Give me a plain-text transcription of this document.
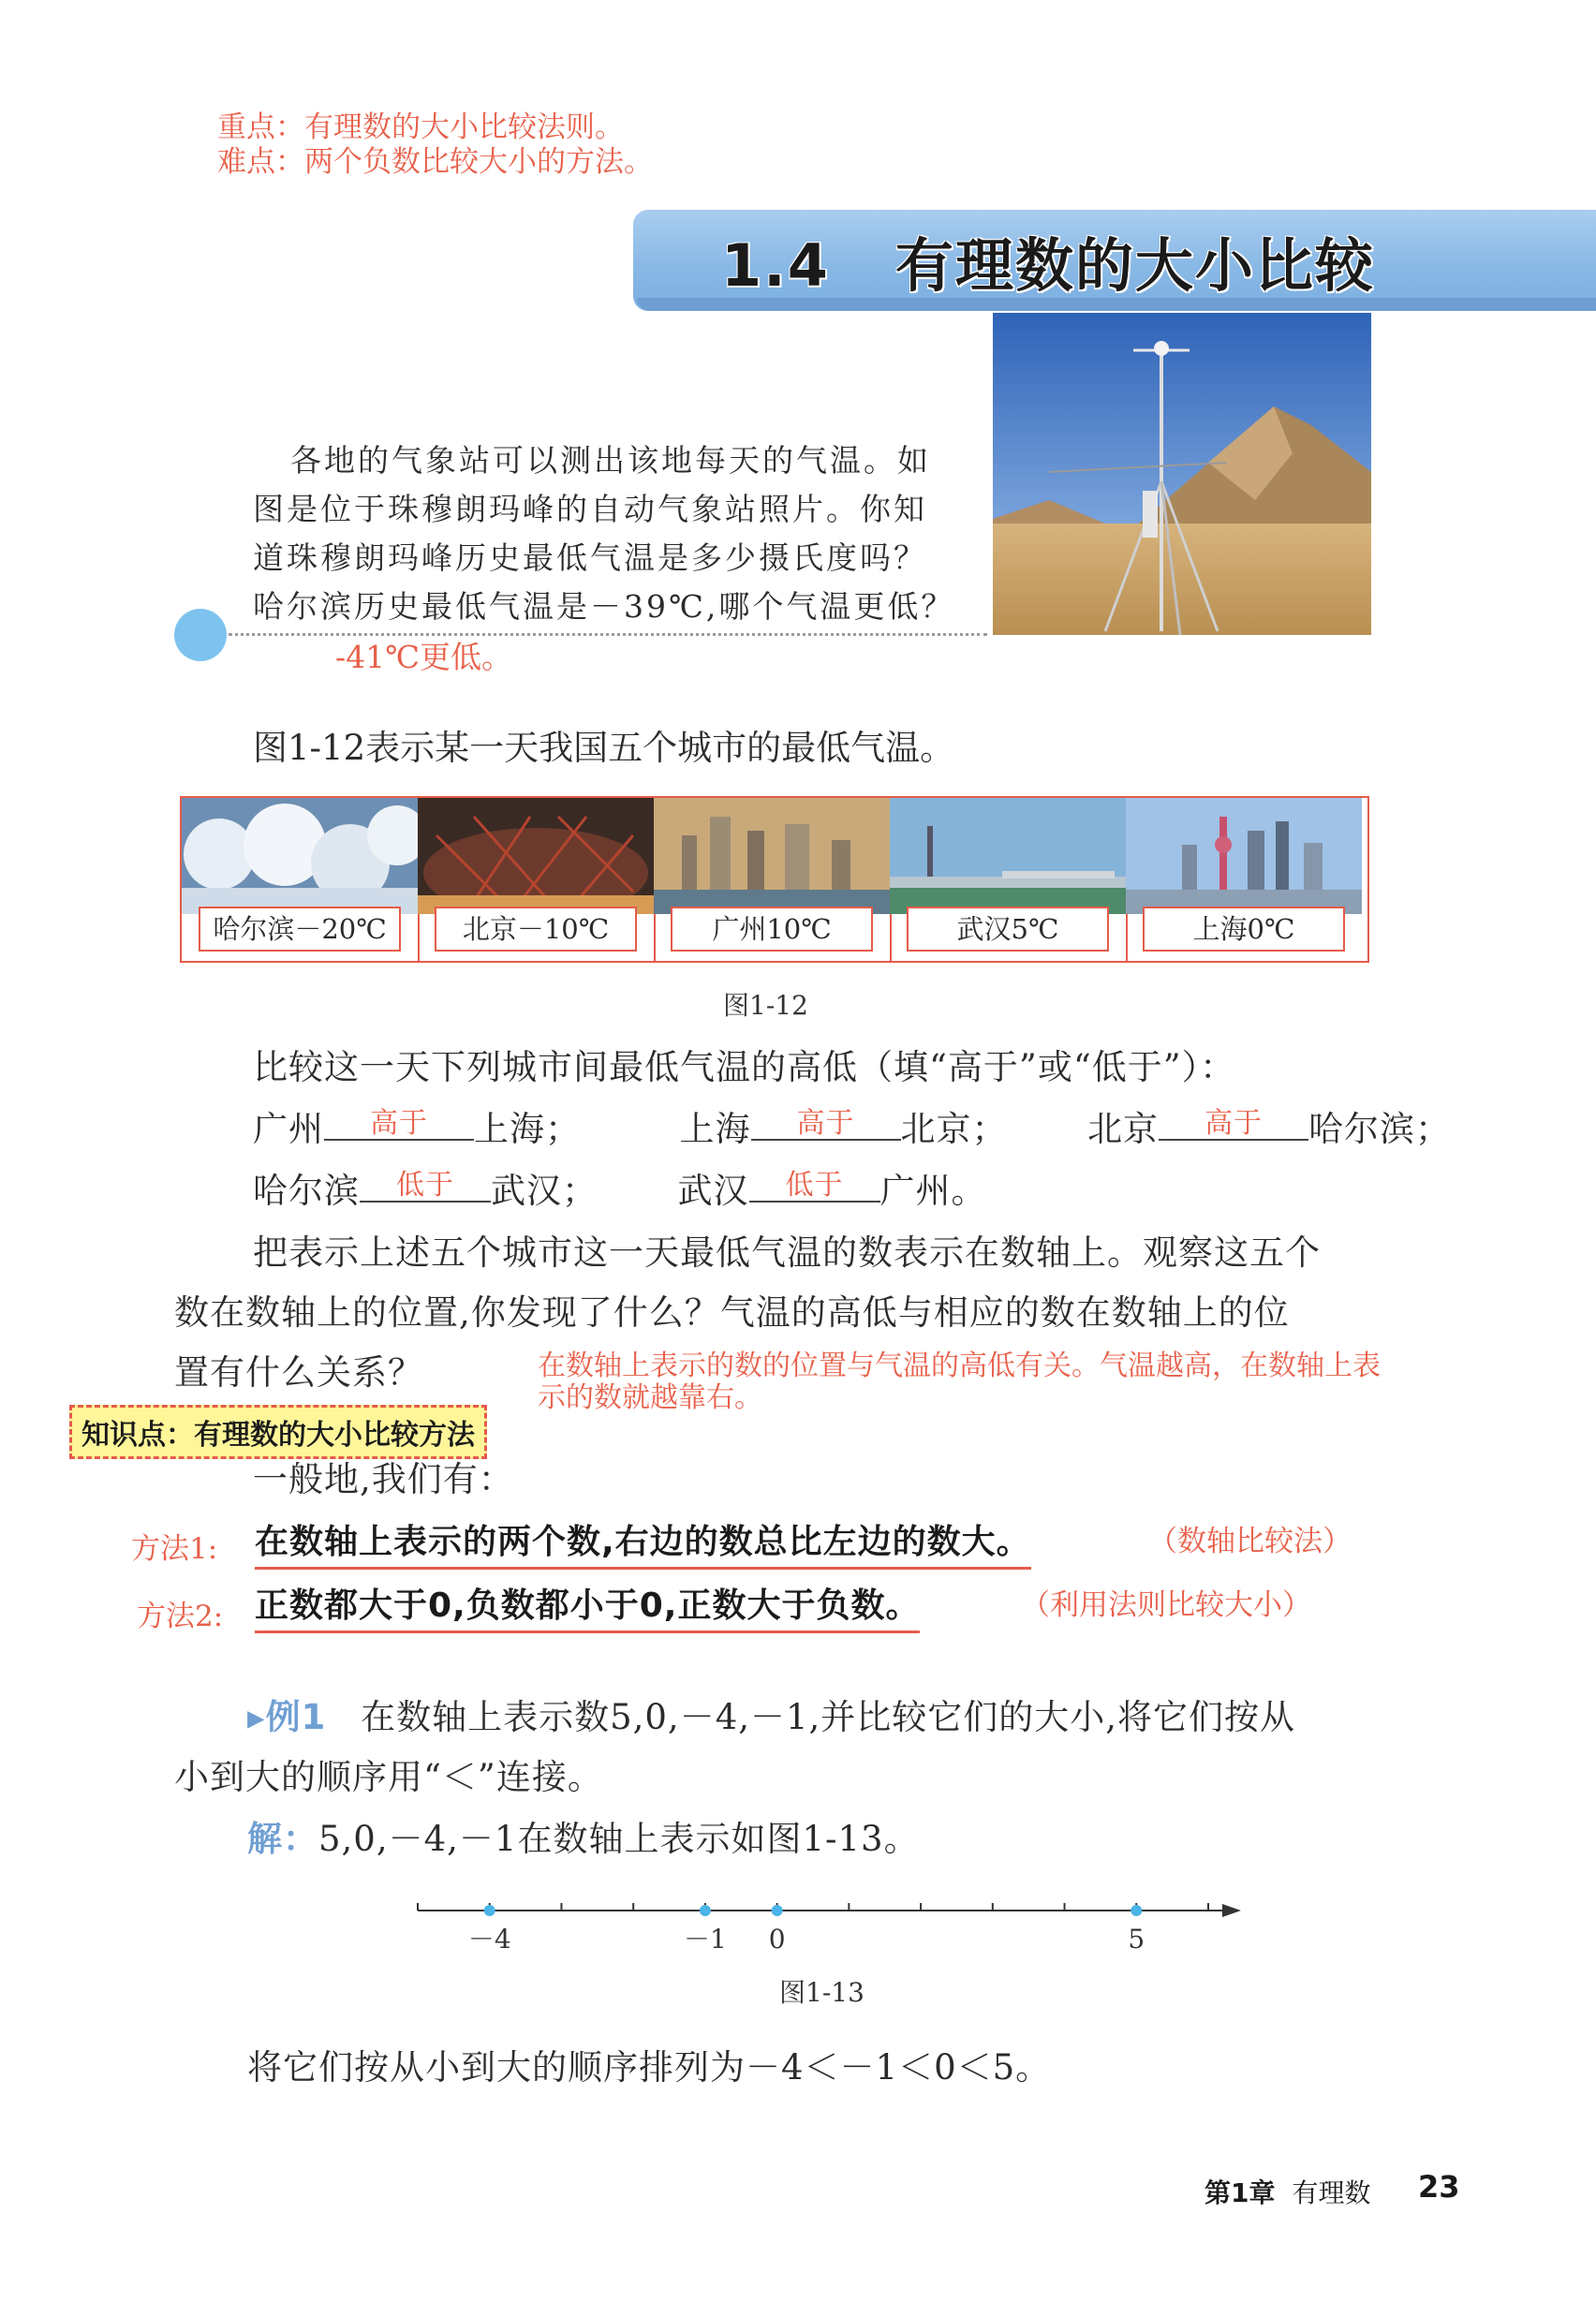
重点：有理数的大小比较法则。
难点：两个负数比较大小的方法。
1.4 有理数的大小比较
各地的气象站可以测出该地每天的气温。如图是位于珠穆朗玛峰的自动气象站照片。你知道珠穆朗玛峰历史最低气温是多少摄氏度吗？哈尔滨历史最低气温是－39℃,哪个气温更低？
-41℃更低。
图1-12表示某一天我国五个城市的最低气温。
哈尔滨－20℃	北京－10℃	广州10℃	武汉5℃	上海0℃
图1-12
比较这一天下列城市间最低气温的高低（填“高于”或“低于”）：
广州	高于	上海；	上海	高于	北京； 北京	高于	哈尔滨；
哈尔滨	低于	武汉； 武汉	低于	广州。
把表示上述五个城市这一天最低气温的数表示在数轴上。观察这五个
数在数轴上的位置,你发现了什么？气温的高低与相应的数在数轴上的位
置有什么关系？	在数轴上表示的数的位置与气温的高低有关。气温越高，在数轴上表
示的数就越靠右。
知识点：有理数的大小比较方法
一般地,我们有：
方法1: 在数轴上表示的两个数,右边的数总比左边的数大。	（数轴比较法）
方法2: 正数都大于0,负数都小于0,正数大于负数。	（利用法则比较大小）
▸例1 在数轴上表示数5,0,－4,－1,并比较它们的大小,将它们按从
小到大的顺序用“＜”连接。
解：5,0,－4,－1在数轴上表示如图1-13。
－4	－1 0	5
图1-13
将它们按从小到大的顺序排列为－4＜－1＜0＜5。
第1章 有理数 23
